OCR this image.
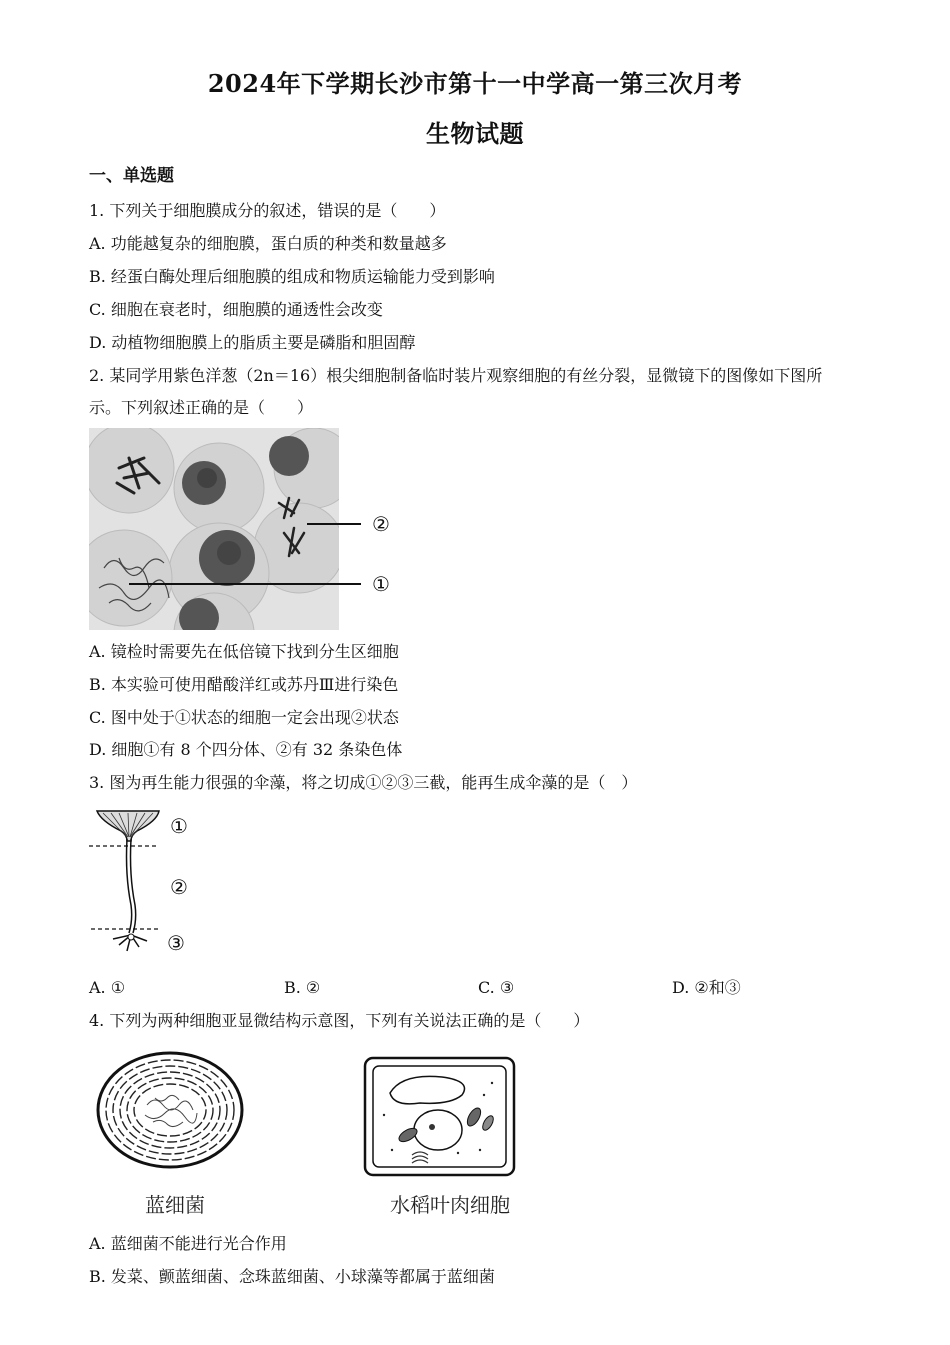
2024年下学期长沙市第十一中学高一第三次月考
生物试题
一、单选题
1. 下列关于细胞膜成分的叙述，错误的是（　　）
A. 功能越复杂的细胞膜，蛋白质的种类和数量越多
B. 经蛋白酶处理后细胞膜的组成和物质运输能力受到影响
C. 细胞在衰老时，细胞膜的通透性会改变
D. 动植物细胞膜上的脂质主要是磷脂和胆固醇
2. 某同学用紫色洋葱（2n＝16）根尖细胞制备临时装片观察细胞的有丝分裂，显微镜下的图像如下图所
示。下列叙述正确的是（　　）
②
①
A. 镜检时需要先在低倍镜下找到分生区细胞
B. 本实验可使用醋酸洋红或苏丹Ⅲ进行染色
C. 图中处于①状态的细胞一定会出现②状态
D. 细胞①有 8 个四分体、②有 32 条染色体
3. 图为再生能力很强的伞藻，将之切成①②③三截，能再生成伞藻的是（　）
①
②
③
A. ①	B. ②	C. ③	D. ②和③
4. 下列为两种细胞亚显微结构示意图，下列有关说法正确的是（　　）
蓝细菌	水稻叶肉细胞
A. 蓝细菌不能进行光合作用
B. 发菜、颤蓝细菌、念珠蓝细菌、小球藻等都属于蓝细菌
